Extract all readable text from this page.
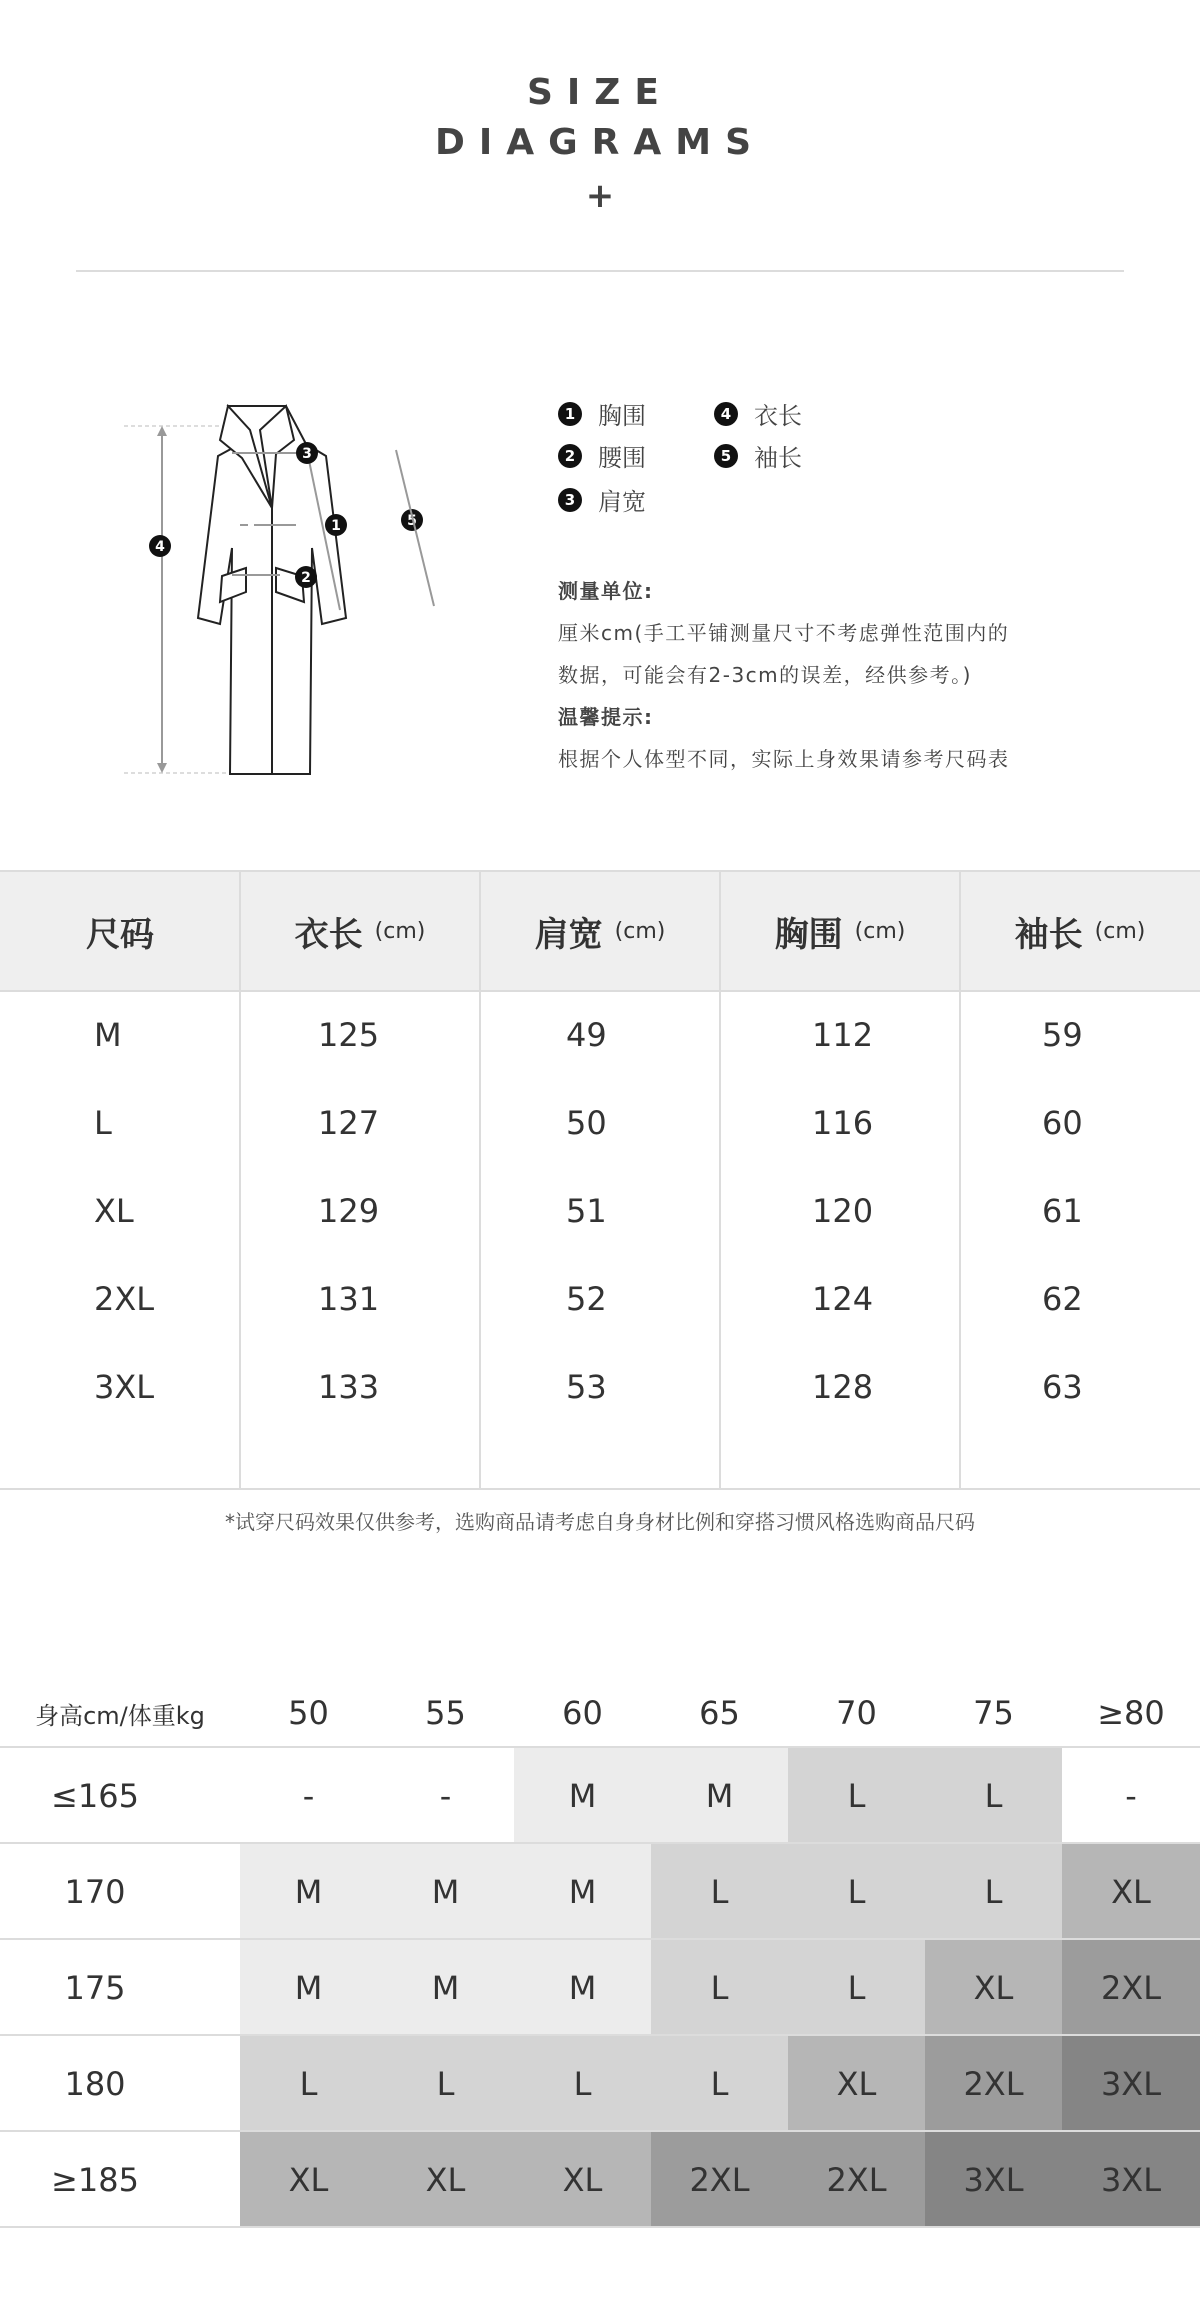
SIZE
DIAGRAMS
+
3
1
2
5
4
1 胸围	4 衣长
2 腰围	5 袖长
3 肩宽
测量单位:
厘米cm(手工平铺测量尺寸不考虑弹性范围内的
数据，可能会有2-3cm的误差，经供参考。)
温馨提示:
根据个人体型不同，实际上身效果请参考尺码表
尺码	衣长 (cm)	肩宽 (cm)	胸围 (cm)	袖长 (cm)
M	125	49	112	59
L	127	50	116	60
XL	129	51	120	61
2XL	131	52	124	62
3XL	133	53	128	63
*试穿尺码效果仅供参考，选购商品请考虑自身身材比例和穿搭习惯风格选购商品尺码
身高cm/体重kg	50	55	60	65	70	75	≥80
≤165	-	-	M	M	L	L	-
170	M	M	M	L	L	L	XL
175	M	M	M	L	L	XL	2XL
180	L	L	L	L	XL	2XL	3XL
≥185	XL	XL	XL	2XL	2XL	3XL	3XL
